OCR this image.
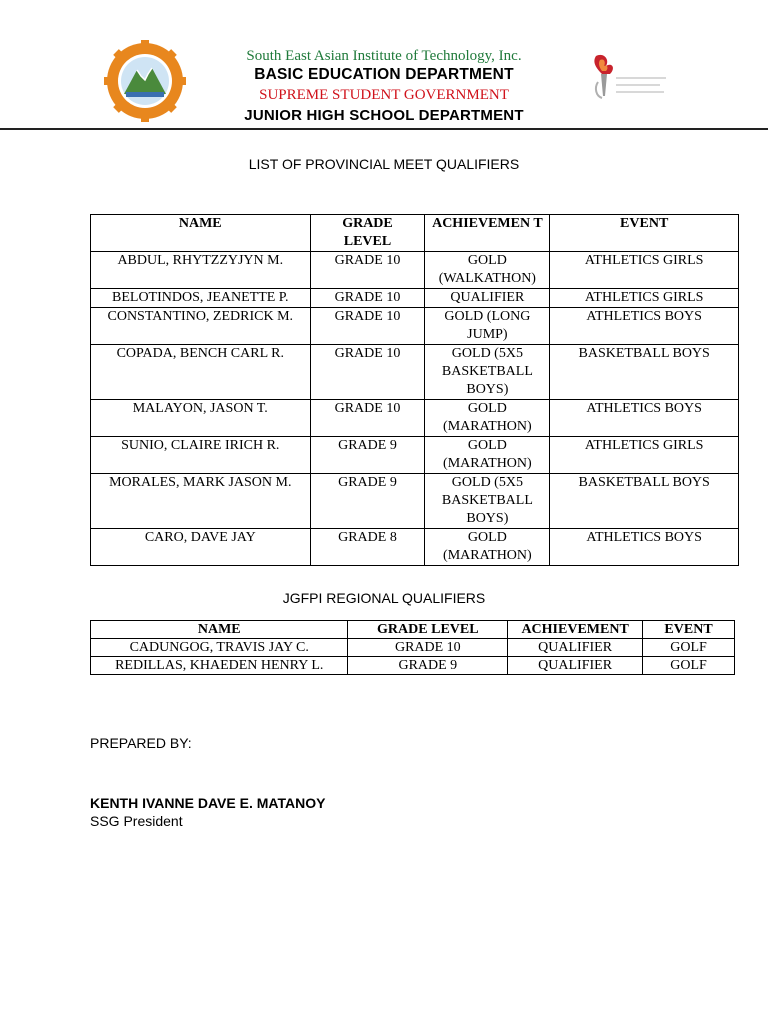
South East Asian Institute of Technology, Inc.
BASIC EDUCATION DEPARTMENT
SUPREME STUDENT GOVERNMENT
JUNIOR HIGH SCHOOL DEPARTMENT
LIST OF PROVINCIAL MEET QUALIFIERS
NAME	GRADE LEVEL	ACHIEVEMEN T	EVENT
ABDUL, RHYTZZYJYN M.	GRADE 10	GOLD (WALKATHON)	ATHLETICS GIRLS
BELOTINDOS, JEANETTE P.	GRADE 10	QUALIFIER	ATHLETICS GIRLS
CONSTANTINO, ZEDRICK M.	GRADE 10	GOLD (LONG JUMP)	ATHLETICS BOYS
COPADA, BENCH CARL R.	GRADE 10	GOLD (5X5 BASKETBALL BOYS)	BASKETBALL BOYS
MALAYON, JASON T.	GRADE 10	GOLD (MARATHON)	ATHLETICS BOYS
SUNIO, CLAIRE IRICH R.	GRADE 9	GOLD (MARATHON)	ATHLETICS GIRLS
MORALES, MARK JASON M.	GRADE 9	GOLD (5X5 BASKETBALL BOYS)	BASKETBALL BOYS
CARO, DAVE JAY	GRADE 8	GOLD (MARATHON)	ATHLETICS BOYS
JGFPI REGIONAL QUALIFIERS
NAME	GRADE LEVEL	ACHIEVEMENT	EVENT
CADUNGOG, TRAVIS JAY C.	GRADE 10	QUALIFIER	GOLF
REDILLAS, KHAEDEN HENRY L.	GRADE 9	QUALIFIER	GOLF
PREPARED BY:
KENTH IVANNE DAVE E. MATANOY
SSG President
